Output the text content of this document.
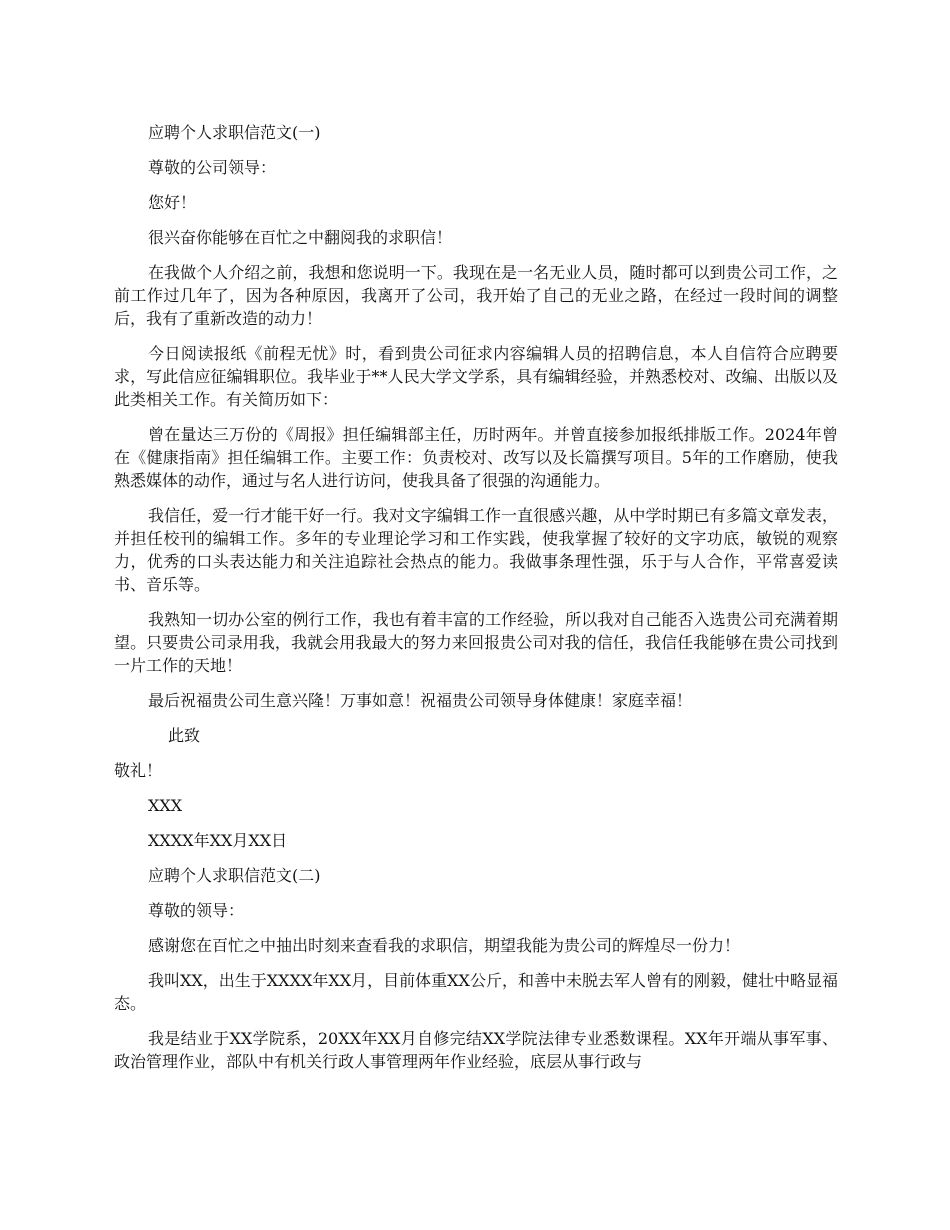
应聘个人求职信范文(一)

尊敬的公司领导：

您好！

很兴奋你能够在百忙之中翻阅我的求职信！

在我做个人介绍之前，我想和您说明一下。我现在是一名无业人员，随时都可以到贵公司工作，之前工作过几年了，因为各种原因，我离开了公司，我开始了自己的无业之路，在经过一段时间的调整后，我有了重新改造的动力！

今日阅读报纸《前程无忧》时，看到贵公司征求内容编辑人员的招聘信息，本人自信符合应聘要求，写此信应征编辑职位。我毕业于**人民大学文学系，具有编辑经验，并熟悉校对、改编、出版以及此类相关工作。有关简历如下：

曾在量达三万份的《周报》担任编辑部主任，历时两年。并曾直接参加报纸排版工作。2024年曾在《健康指南》担任编辑工作。主要工作：负责校对、改写以及长篇撰写项目。5年的工作磨励，使我熟悉媒体的动作，通过与名人进行访问，使我具备了很强的沟通能力。

我信任，爱一行才能干好一行。我对文字编辑工作一直很感兴趣，从中学时期已有多篇文章发表，并担任校刊的编辑工作。多年的专业理论学习和工作实践，使我掌握了较好的文字功底，敏锐的观察力，优秀的口头表达能力和关注追踪社会热点的能力。我做事条理性强，乐于与人合作，平常喜爱读书、音乐等。

我熟知一切办公室的例行工作，我也有着丰富的工作经验，所以我对自己能否入选贵公司充满着期望。只要贵公司录用我，我就会用我最大的努力来回报贵公司对我的信任，我信任我能够在贵公司找到一片工作的天地！

最后祝福贵公司生意兴隆！万事如意！祝福贵公司领导身体健康！家庭幸福！

此致

敬礼！

XXX

XXXX年XX月XX日

应聘个人求职信范文(二)

尊敬的领导：

感谢您在百忙之中抽出时刻来查看我的求职信，期望我能为贵公司的辉煌尽一份力！

我叫XX，出生于XXXX年XX月，目前体重XX公斤，和善中未脱去军人曾有的刚毅，健壮中略显福态。

我是结业于XX学院系，20XX年XX月自修完结XX学院法律专业悉数课程。XX年开端从事军事、政治管理作业，部队中有机关行政人事管理两年作业经验，底层从事行政与
